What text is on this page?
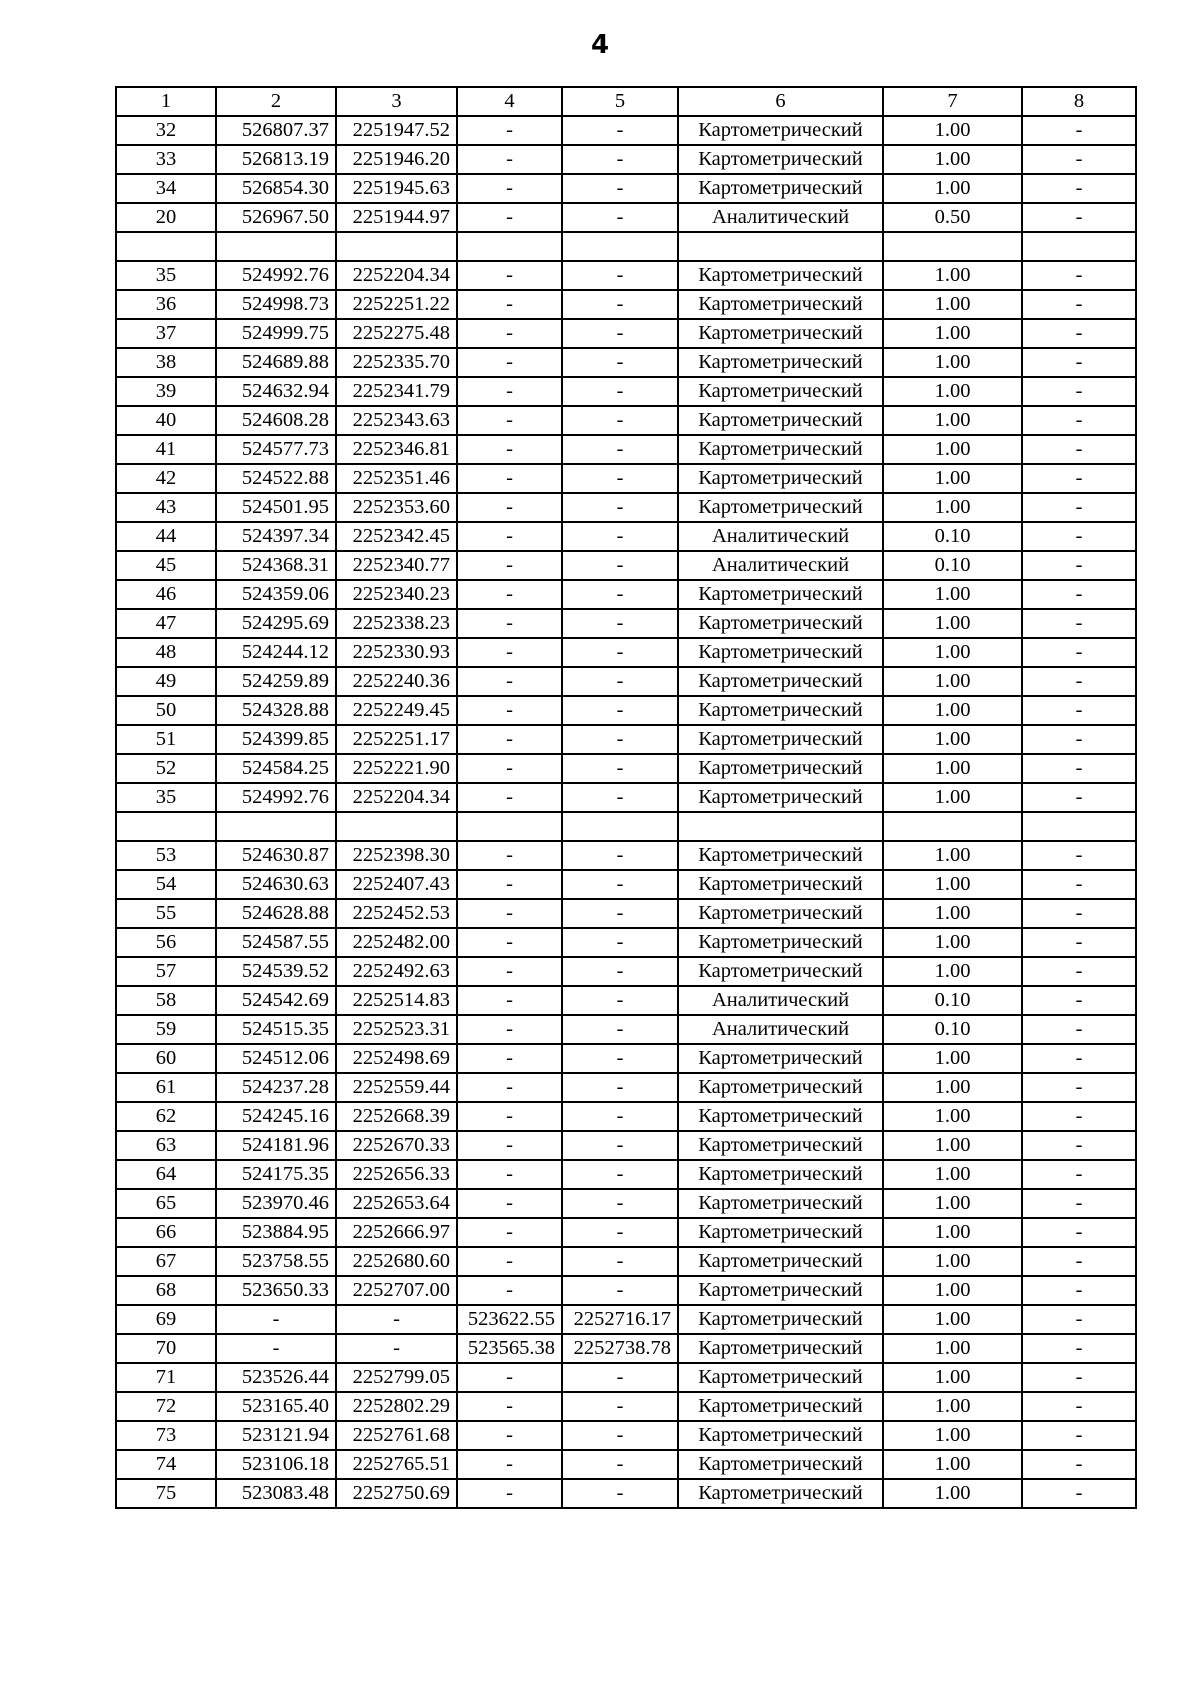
4
1	2	3	4	5	6	7	8
32	526807.37	2251947.52	-	-	Картометрический	1.00	-
33	526813.19	2251946.20	-	-	Картометрический	1.00	-
34	526854.30	2251945.63	-	-	Картометрический	1.00	-
20	526967.50	2251944.97	-	-	Аналитический	0.50	-

35	524992.76	2252204.34	-	-	Картометрический	1.00	-
36	524998.73	2252251.22	-	-	Картометрический	1.00	-
37	524999.75	2252275.48	-	-	Картометрический	1.00	-
38	524689.88	2252335.70	-	-	Картометрический	1.00	-
39	524632.94	2252341.79	-	-	Картометрический	1.00	-
40	524608.28	2252343.63	-	-	Картометрический	1.00	-
41	524577.73	2252346.81	-	-	Картометрический	1.00	-
42	524522.88	2252351.46	-	-	Картометрический	1.00	-
43	524501.95	2252353.60	-	-	Картометрический	1.00	-
44	524397.34	2252342.45	-	-	Аналитический	0.10	-
45	524368.31	2252340.77	-	-	Аналитический	0.10	-
46	524359.06	2252340.23	-	-	Картометрический	1.00	-
47	524295.69	2252338.23	-	-	Картометрический	1.00	-
48	524244.12	2252330.93	-	-	Картометрический	1.00	-
49	524259.89	2252240.36	-	-	Картометрический	1.00	-
50	524328.88	2252249.45	-	-	Картометрический	1.00	-
51	524399.85	2252251.17	-	-	Картометрический	1.00	-
52	524584.25	2252221.90	-	-	Картометрический	1.00	-
35	524992.76	2252204.34	-	-	Картометрический	1.00	-

53	524630.87	2252398.30	-	-	Картометрический	1.00	-
54	524630.63	2252407.43	-	-	Картометрический	1.00	-
55	524628.88	2252452.53	-	-	Картометрический	1.00	-
56	524587.55	2252482.00	-	-	Картометрический	1.00	-
57	524539.52	2252492.63	-	-	Картометрический	1.00	-
58	524542.69	2252514.83	-	-	Аналитический	0.10	-
59	524515.35	2252523.31	-	-	Аналитический	0.10	-
60	524512.06	2252498.69	-	-	Картометрический	1.00	-
61	524237.28	2252559.44	-	-	Картометрический	1.00	-
62	524245.16	2252668.39	-	-	Картометрический	1.00	-
63	524181.96	2252670.33	-	-	Картометрический	1.00	-
64	524175.35	2252656.33	-	-	Картометрический	1.00	-
65	523970.46	2252653.64	-	-	Картометрический	1.00	-
66	523884.95	2252666.97	-	-	Картометрический	1.00	-
67	523758.55	2252680.60	-	-	Картометрический	1.00	-
68	523650.33	2252707.00	-	-	Картометрический	1.00	-
69	-	-	523622.55	2252716.17	Картометрический	1.00	-
70	-	-	523565.38	2252738.78	Картометрический	1.00	-
71	523526.44	2252799.05	-	-	Картометрический	1.00	-
72	523165.40	2252802.29	-	-	Картометрический	1.00	-
73	523121.94	2252761.68	-	-	Картометрический	1.00	-
74	523106.18	2252765.51	-	-	Картометрический	1.00	-
75	523083.48	2252750.69	-	-	Картометрический	1.00	-
